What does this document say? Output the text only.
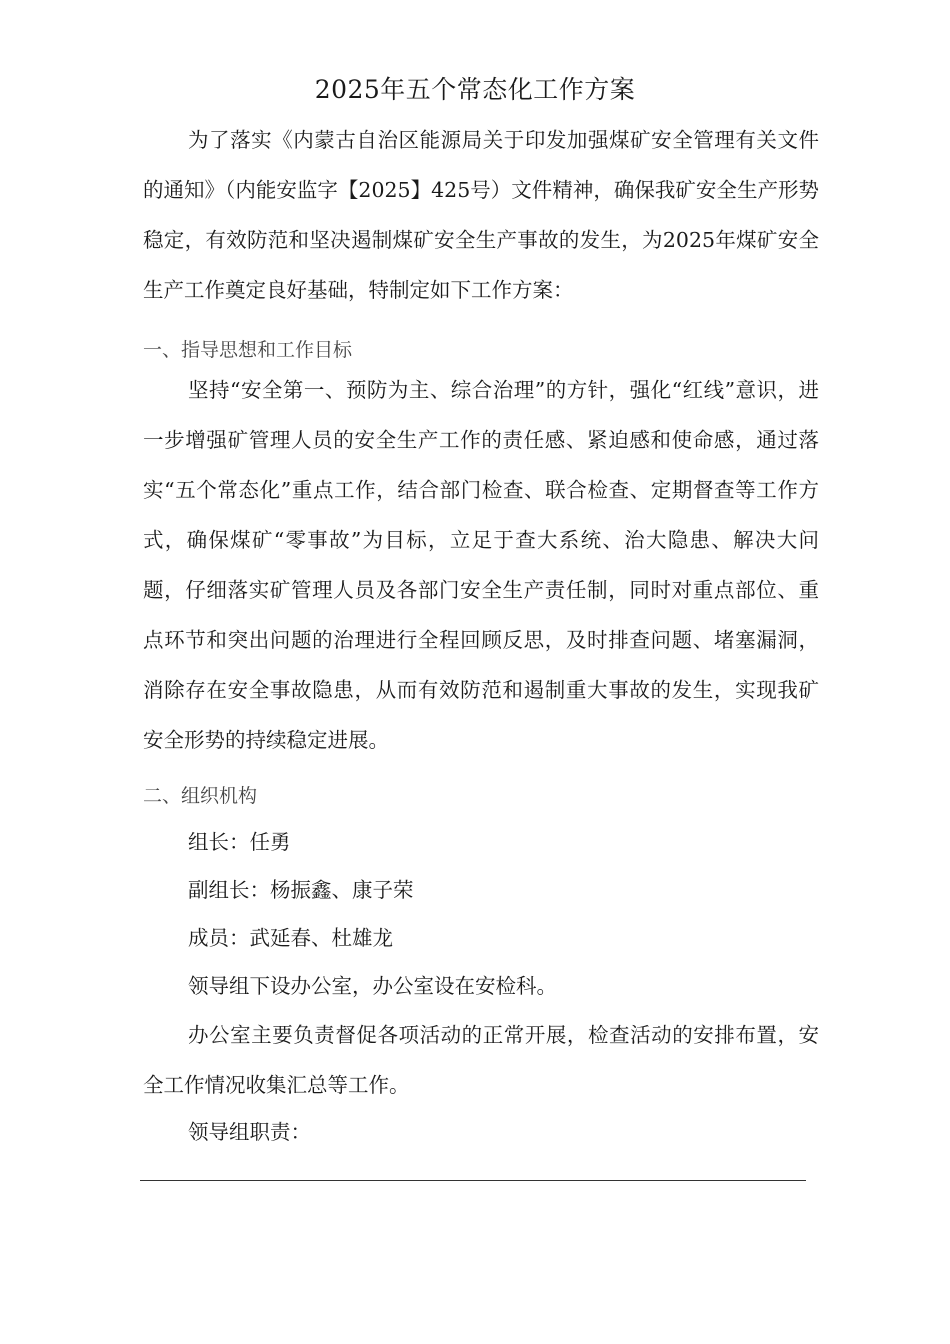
2025年五个常态化工作方案

为了落实《内蒙古自治区能源局关于印发加强煤矿安全管理有关文件的通知》（内能安监字【2025】425号）文件精神，确保我矿安全生产形势稳定，有效防范和坚决遏制煤矿安全生产事故的发生，为2025年煤矿安全生产工作奠定良好基础，特制定如下工作方案：

一、指导思想和工作目标

坚持“安全第一、预防为主、综合治理”的方针，强化“红线”意识，进一步增强矿管理人员的安全生产工作的责任感、紧迫感和使命感，通过落实“五个常态化”重点工作，结合部门检查、联合检查、定期督查等工作方式，确保煤矿“零事故”为目标，立足于查大系统、治大隐患、解决大问题，仔细落实矿管理人员及各部门安全生产责任制，同时对重点部位、重点环节和突出问题的治理进行全程回顾反思，及时排查问题、堵塞漏洞，消除存在安全事故隐患，从而有效防范和遏制重大事故的发生，实现我矿安全形势的持续稳定进展。

二、组织机构

组长：任勇

副组长：杨振鑫、康子荣

成员：武延春、杜雄龙

领导组下设办公室，办公室设在安检科。

办公室主要负责督促各项活动的正常开展，检查活动的安排布置，安全工作情况收集汇总等工作。

领导组职责：
